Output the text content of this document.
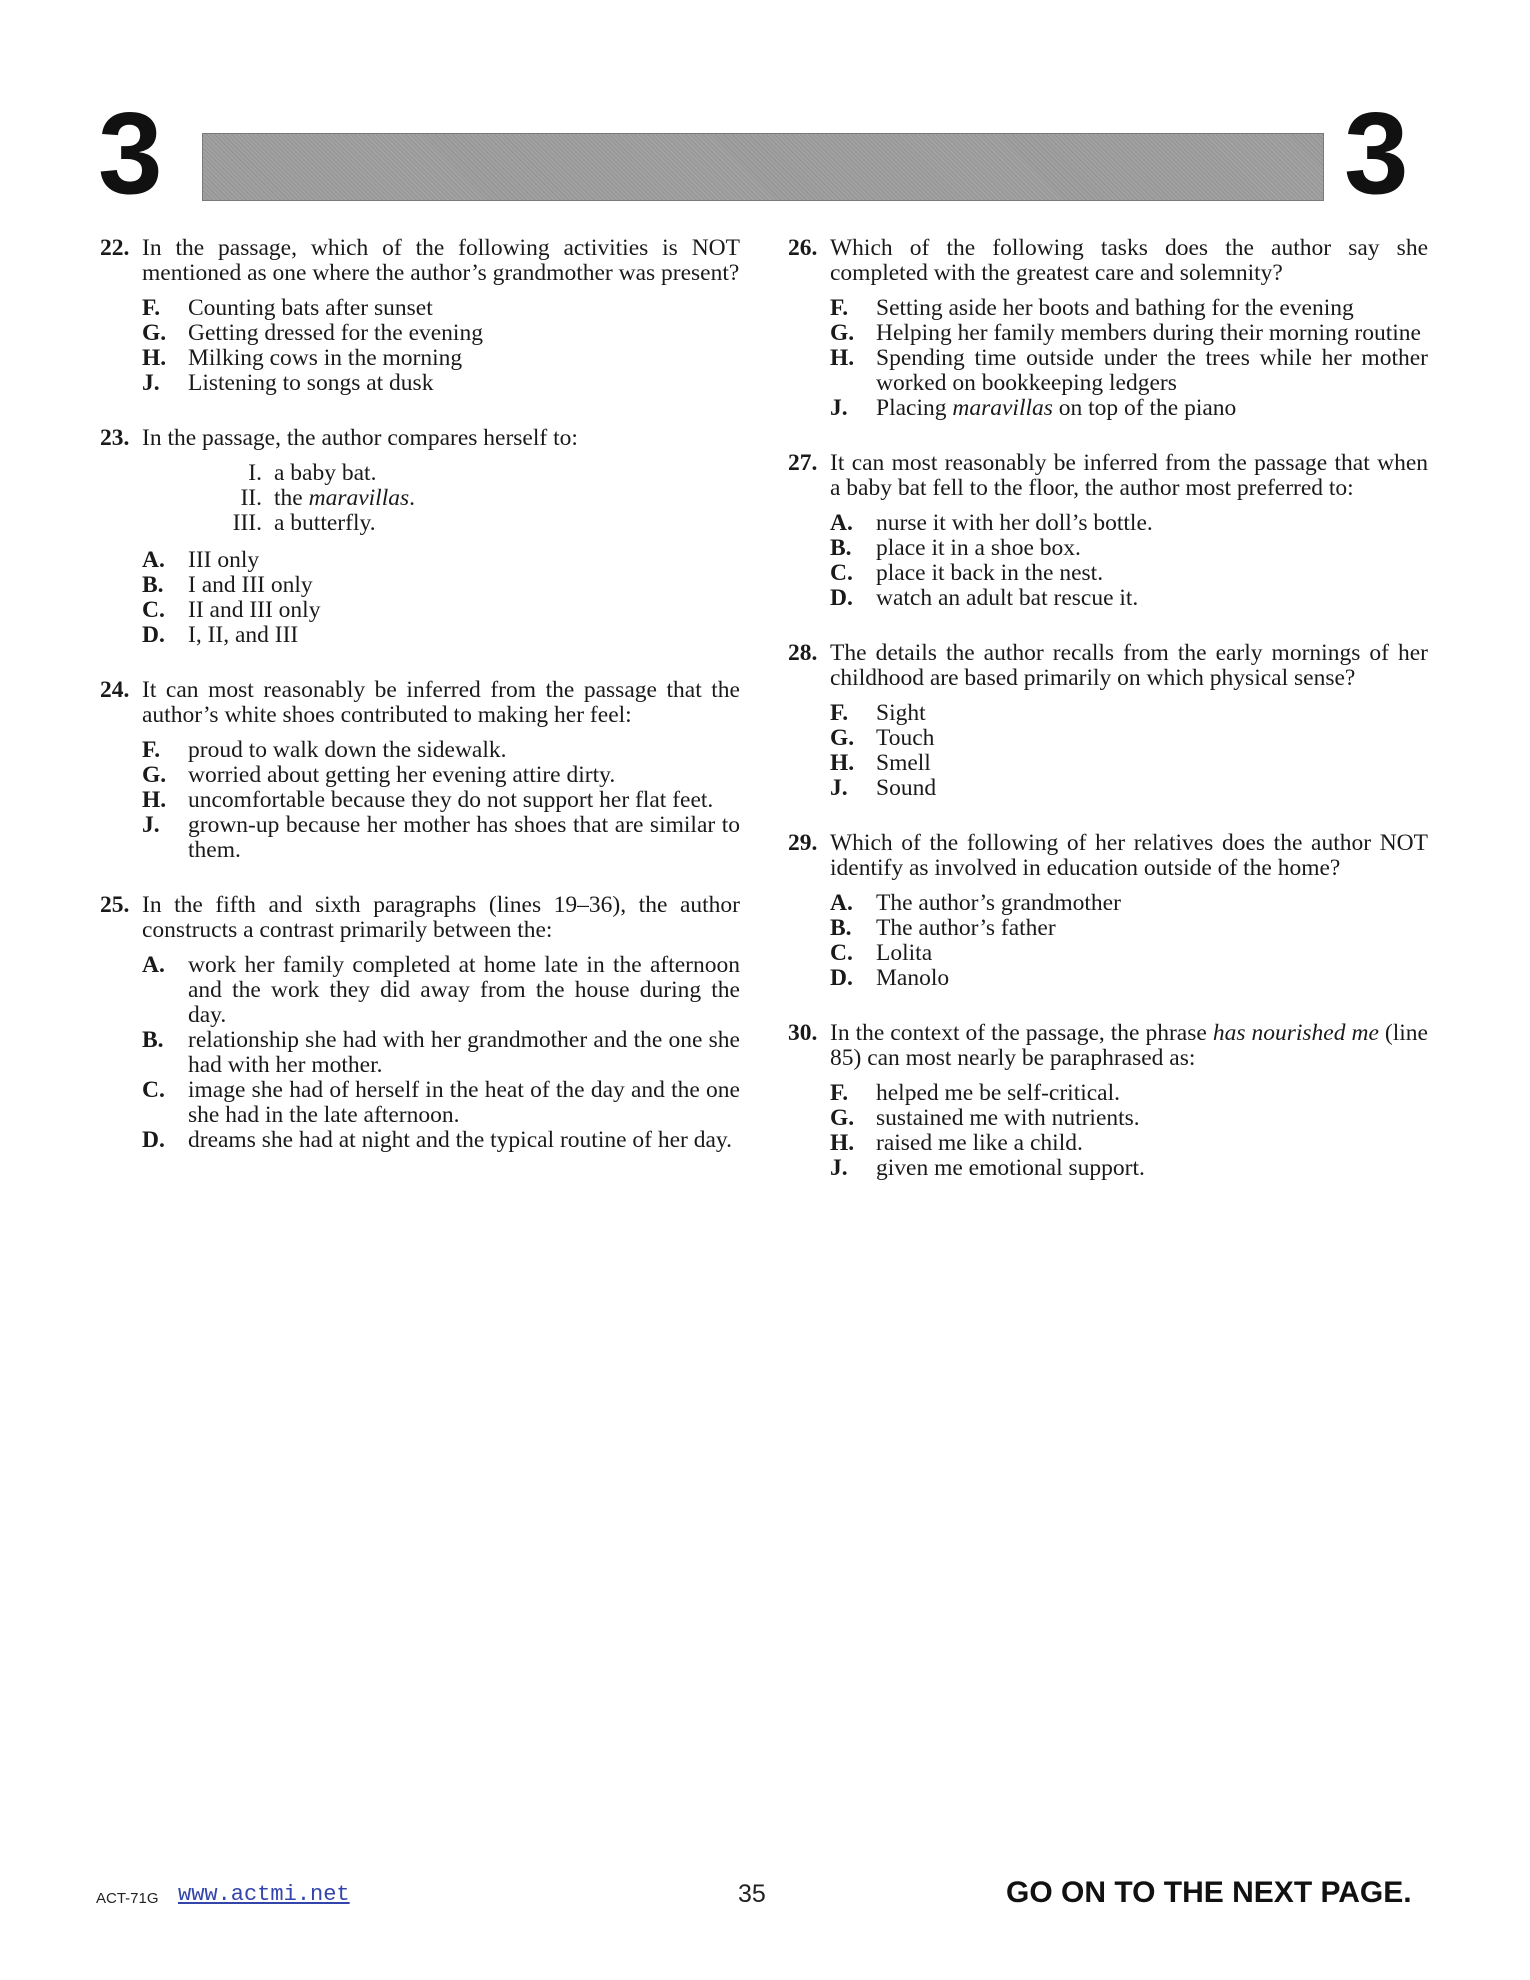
3	3
22. In the passage, which of the following activities is NOT mentioned as one where the author’s grandmother was present?
F.	Counting bats after sunset
G. Getting dressed for the evening
H. Milking cows in the morning
J.	Listening to songs at dusk
23. In the passage, the author compares herself to:
I. a baby bat.
II. the maravillas.
III. a butterfly.
A. III only
B.	I and III only
C. II and III only
D. I, II, and III
24. It can most reasonably be inferred from the passage that the author’s white shoes contributed to making her feel:
F.	proud to walk down the sidewalk.
G. worried about getting her evening attire dirty.
H. uncomfortable because they do not support her flat feet.
J.	grown-up because her mother has shoes that are similar to them.
25. In the fifth and sixth paragraphs (lines 19–36), the author constructs a contrast primarily between the:
A. work her family completed at home late in the afternoon and the work they did away from the house during the day.
B.	relationship she had with her grandmother and the one she had with her mother.
C. image she had of herself in the heat of the day and the one she had in the late afternoon.
D. dreams she had at night and the typical routine of her day.
26. Which of the following tasks does the author say she completed with the greatest care and solemnity?
F.	Setting aside her boots and bathing for the evening
G. Helping her family members during their morning routine
H. Spending time outside under the trees while her mother worked on bookkeeping ledgers
J.	Placing maravillas on top of the piano
27. It can most reasonably be inferred from the passage that when a baby bat fell to the floor, the author most preferred to:
A. nurse it with her doll’s bottle.
B.	place it in a shoe box.
C. place it back in the nest.
D. watch an adult bat rescue it.
28. The details the author recalls from the early mornings of her childhood are based primarily on which physical sense?
F.	Sight
G. Touch
H. Smell
J.	Sound
29. Which of the following of her relatives does the author NOT identify as involved in education outside of the home?
A. The author’s grandmother
B.	The author’s father
C. Lolita
D. Manolo
30. In the context of the passage, the phrase has nourished me (line 85) can most nearly be paraphrased as:
F.	helped me be self-critical.
G. sustained me with nutrients.
H. raised me like a child.
J.	given me emotional support.
ACT-71G www.actmi.net	35	GO ON TO THE NEXT PAGE.
